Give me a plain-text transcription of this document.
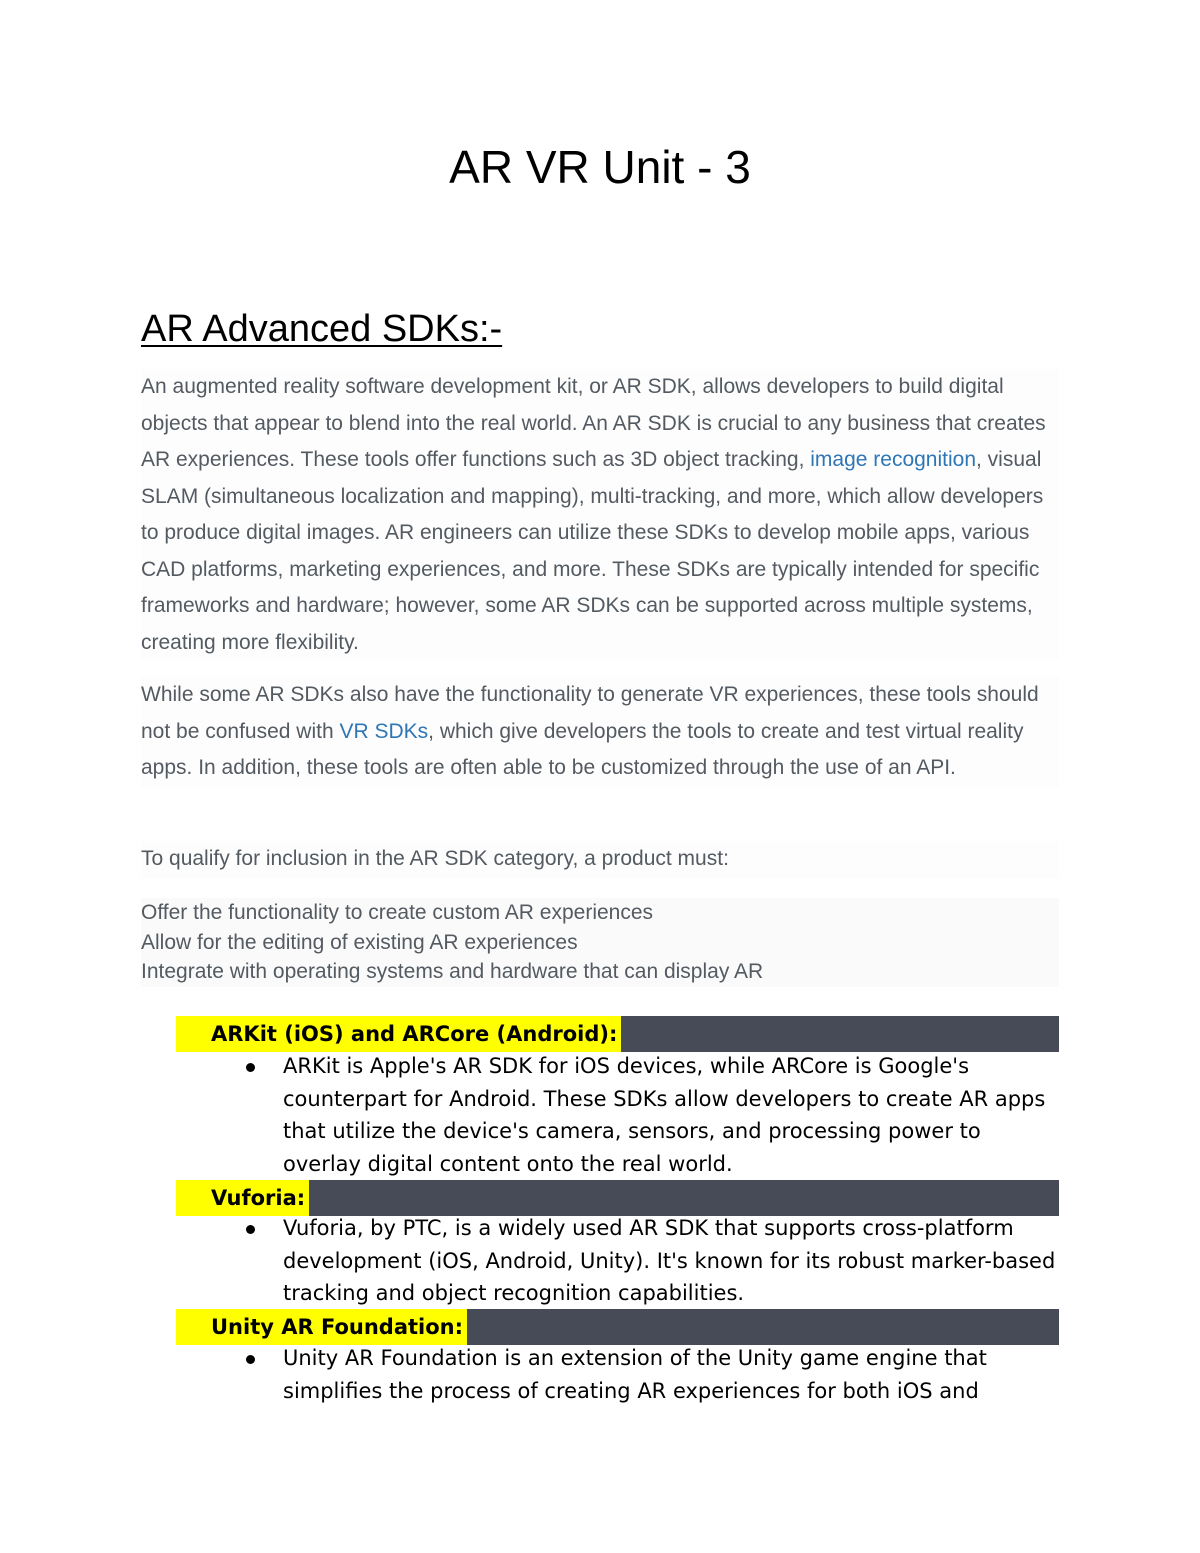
AR VR Unit - 3
AR Advanced SDKs:-

An augmented reality software development kit, or AR SDK, allows developers to build digital objects that appear to blend into the real world. An AR SDK is crucial to any business that creates AR experiences. These tools offer functions such as 3D object tracking, image recognition, visual SLAM (simultaneous localization and mapping), multi-tracking, and more, which allow developers to produce digital images. AR engineers can utilize these SDKs to develop mobile apps, various CAD platforms, marketing experiences, and more. These SDKs are typically intended for specific frameworks and hardware; however, some AR SDKs can be supported across multiple systems, creating more flexibility.

While some AR SDKs also have the functionality to generate VR experiences, these tools should not be confused with VR SDKs, which give developers the tools to create and test virtual reality apps. In addition, these tools are often able to be customized through the use of an API.

To qualify for inclusion in the AR SDK category, a product must:

Offer the functionality to create custom AR experiences
Allow for the editing of existing AR experiences
Integrate with operating systems and hardware that can display AR
ARKit (iOS) and ARCore (Android):
ARKit is Apple's AR SDK for iOS devices, while ARCore is Google's counterpart for Android. These SDKs allow developers to create AR apps that utilize the device's camera, sensors, and processing power to overlay digital content onto the real world.
Vuforia:
Vuforia, by PTC, is a widely used AR SDK that supports cross-platform development (iOS, Android, Unity). It's known for its robust marker-based tracking and object recognition capabilities.
Unity AR Foundation:
Unity AR Foundation is an extension of the Unity game engine that simplifies the process of creating AR experiences for both iOS and
